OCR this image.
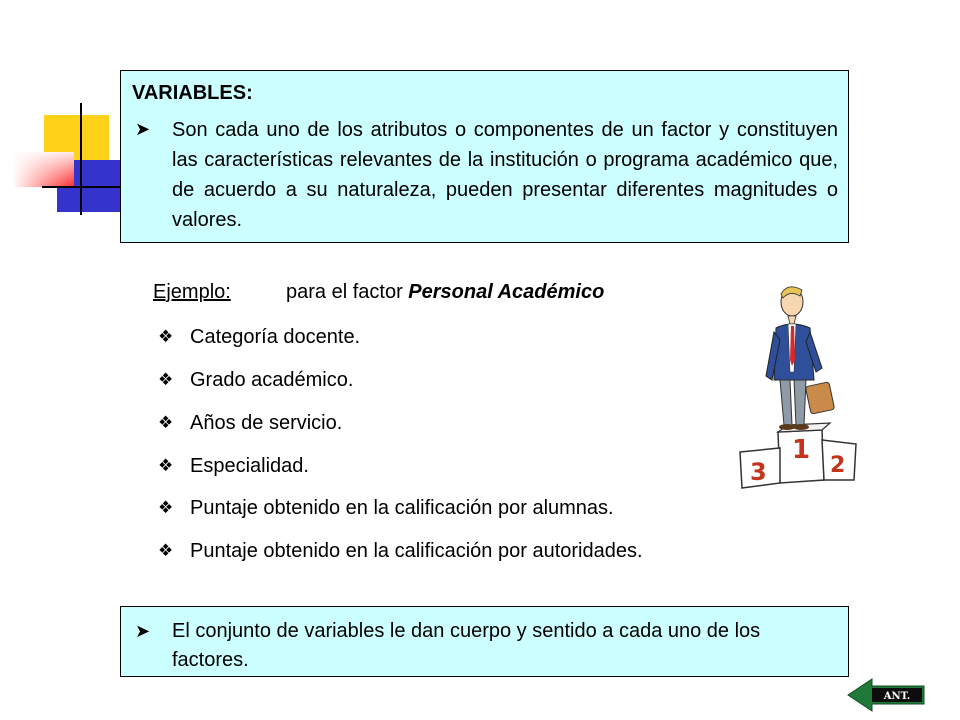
VARIABLES:
➤	Son cada uno de los atributos o componentes de un factor y constituyen las características relevantes de la institución o programa académico que, de acuerdo a su naturaleza, pueden presentar diferentes magnitudes o valores.
Ejemplo:	para el factor Personal Académico
❖ Categoría docente.
❖ Grado académico.
❖ Años de servicio.
❖ Especialidad.
❖ Puntaje obtenido en la calificación por alumnas.
❖ Puntaje obtenido en la calificación por autoridades.
1
2
3
➤	El conjunto de variables le dan cuerpo y sentido a cada uno de los factores.
ANT.
